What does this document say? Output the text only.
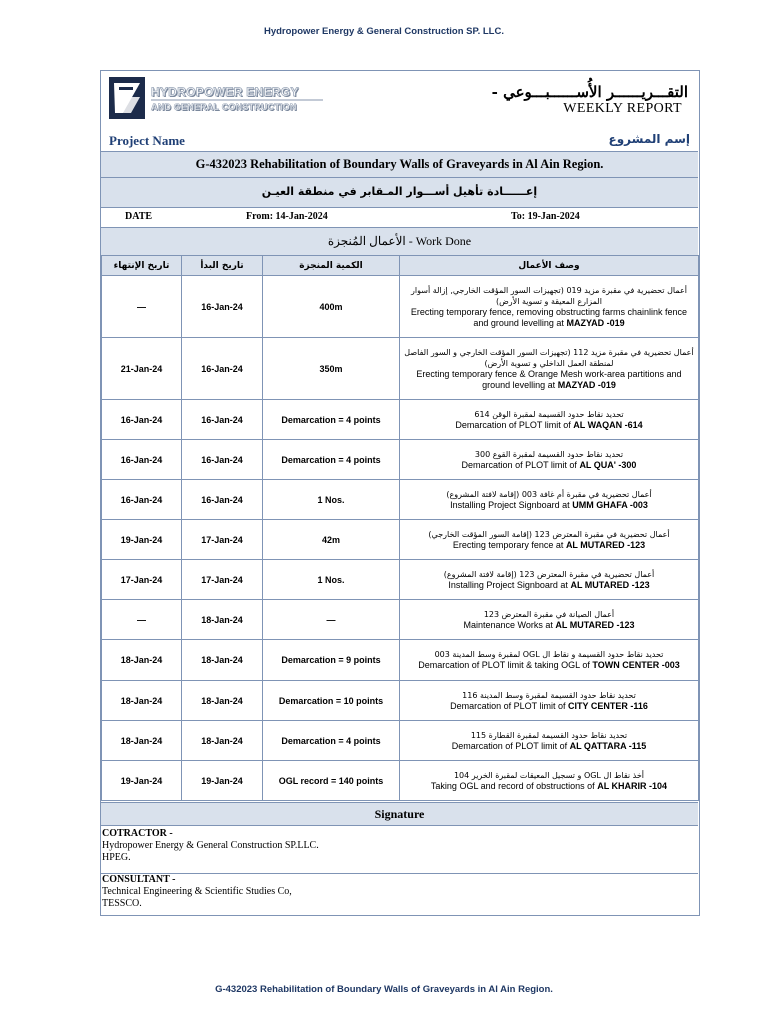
Hydropower Energy & General Construction SP. LLC.
HYDROPOWER ENERGY
AND GENERAL CONSTRUCTION
- التقـــريــــــر الأُســــــبـــوعي
WEEKLY REPORT
Project Name	إسم المشروع
G-432023 Rehabilitation of Boundary Walls of Graveyards in Al Ain Region.
إعــــــادة تأهيل أســـوار المـقابر في منطقة العيـن
DATE	From: 14-Jan-2024	To: 19-Jan-2024
الأعمال المُنجزة - Work Done
تاريخ الإنتهاء	تاريخ البدأ	الكمية المنجزة	وصف الأعمال
—	16-Jan-24	400m	أعمال تحضيرية في مقبرة مزيد 019 (تجهيزات السور المؤقت الخارجي, إزالة أسوار المزارع المعيقة و تسوية الأرض)
Erecting temporary fence, removing obstructing farms chainlink fence and ground levelling at MAZYAD -019

21-Jan-24	16-Jan-24	350m	أعمال تحضيرية في مقبرة مزيد 112 (تجهيزات السور المؤقت الخارجي و السور الفاصل لمنطقة العمل الداخلي و تسوية الأرض)
Erecting temporary fence & Orange Mesh work-area partitions and ground levelling at MAZYAD -019

16-Jan-24	16-Jan-24	Demarcation = 4 points	تحديد نقاط حدود القسيمة لمقبرة الوقن 614
Demarcation of PLOT limit of AL WAQAN -614

16-Jan-24	16-Jan-24	Demarcation = 4 points	تحديد نقاط حدود القسيمة لمقبرة القوع 300
Demarcation of PLOT limit of AL QUA' -300

16-Jan-24	16-Jan-24	1 Nos.	أعمال تحضيرية في مقبرة أم غافة 003 (إقامة لافتة المشروع)
Installing Project Signboard at UMM GHAFA -003

19-Jan-24	17-Jan-24	42m	أعمال تحضيرية في مقبرة المعترض 123 (إقامة السور المؤقت الخارجي)
Erecting temporary fence at AL MUTARED -123

17-Jan-24	17-Jan-24	1 Nos.	أعمال تحضيرية في مقبرة المعترض 123 (إقامة لافتة المشروع)
Installing Project Signboard at AL MUTARED -123

—	18-Jan-24	—	أعمال الصيانة في مقبرة المعترض 123
Maintenance Works at AL MUTARED -123

18-Jan-24	18-Jan-24	Demarcation = 9 points	تحديد نقاط حدود القسيمة و نقاط ال OGL لمقبرة وسط المدينة 003
Demarcation of PLOT limit & taking OGL of TOWN CENTER -003

18-Jan-24	18-Jan-24	Demarcation = 10 points	تحديد نقاط حدود القسيمة لمقبرة وسط المدينة 116
Demarcation of PLOT limit of CITY CENTER -116

18-Jan-24	18-Jan-24	Demarcation = 4 points	تحديد نقاط حدود القسيمة لمقبرة القطارة 115
Demarcation of PLOT limit of AL QATTARA -115

19-Jan-24	19-Jan-24	OGL record = 140 points	أخذ نقاط ال OGL و تسجيل المعيقات لمقبرة الخرير 104
Taking OGL and record of obstructions of AL KHARIR -104
Signature
COTRACTOR -
Hydropower Energy & General Construction SP.LLC.
HPEG.
CONSULTANT -
Technical Engineering & Scientific Studies Co,
TESSCO.
G-432023 Rehabilitation of Boundary Walls of Graveyards in Al Ain Region.
